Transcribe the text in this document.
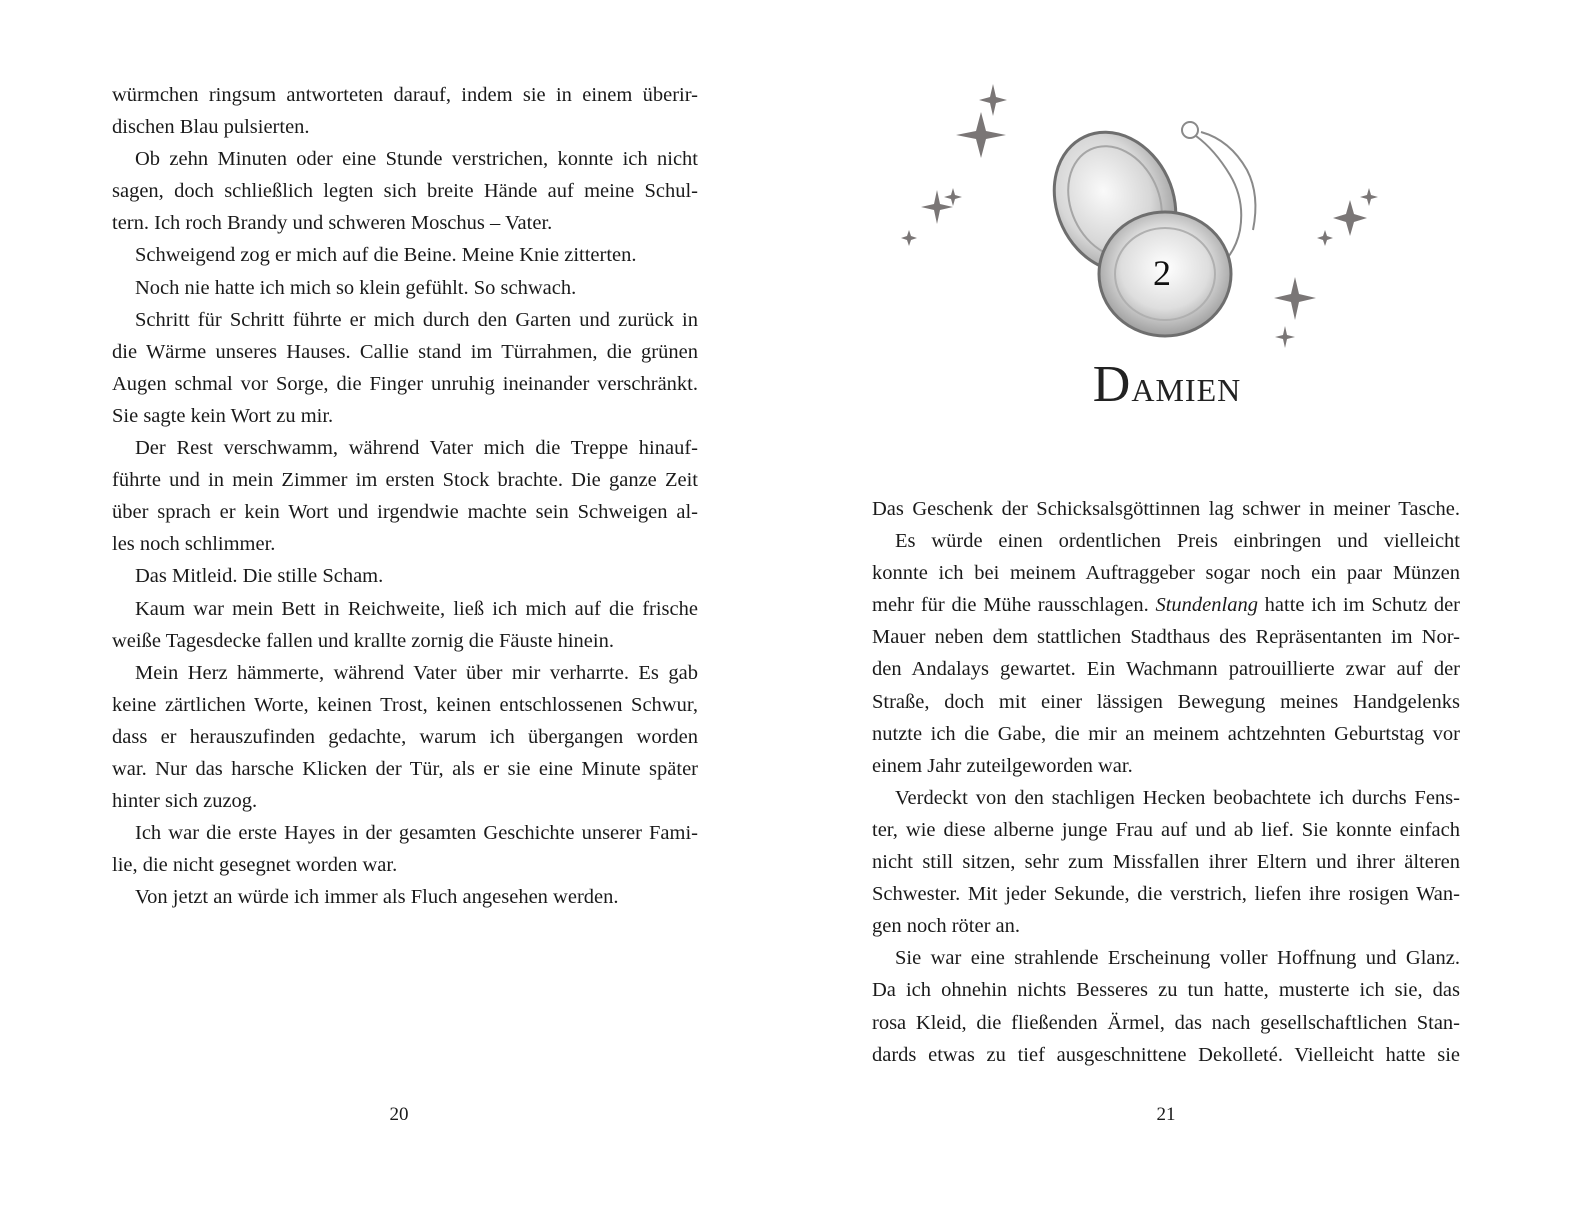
würmchen ringsum antworteten darauf, indem sie in einem überir-
dischen Blau pulsierten.
Ob zehn Minuten oder eine Stunde verstrichen, konnte ich nicht
sagen, doch schließlich legten sich breite Hände auf meine Schul-
tern. Ich roch Brandy und schweren Moschus – Vater.
Schweigend zog er mich auf die Beine. Meine Knie zitterten.
Noch nie hatte ich mich so klein gefühlt. So schwach.
Schritt für Schritt führte er mich durch den Garten und zurück in
die Wärme unseres Hauses. Callie stand im Türrahmen, die grünen
Augen schmal vor Sorge, die Finger unruhig ineinander verschränkt.
Sie sagte kein Wort zu mir.
Der Rest verschwamm, während Vater mich die Treppe hinauf-
führte und in mein Zimmer im ersten Stock brachte. Die ganze Zeit
über sprach er kein Wort und irgendwie machte sein Schweigen al-
les noch schlimmer.
Das Mitleid. Die stille Scham.
Kaum war mein Bett in Reichweite, ließ ich mich auf die frische
weiße Tagesdecke fallen und krallte zornig die Fäuste hinein.
Mein Herz hämmerte, während Vater über mir verharrte. Es gab
keine zärtlichen Worte, keinen Trost, keinen entschlossenen Schwur,
dass er herauszufinden gedachte, warum ich übergangen worden
war. Nur das harsche Klicken der Tür, als er sie eine Minute später
hinter sich zuzog.
Ich war die erste Hayes in der gesamten Geschichte unserer Fami-
lie, die nicht gesegnet worden war.
Von jetzt an würde ich immer als Fluch angesehen werden.
20
2
DAMIEN
Das Geschenk der Schicksalsgöttinnen lag schwer in meiner Tasche.
Es würde einen ordentlichen Preis einbringen und vielleicht
konnte ich bei meinem Auftraggeber sogar noch ein paar Münzen
mehr für die Mühe rausschlagen. Stundenlang hatte ich im Schutz der
Mauer neben dem stattlichen Stadthaus des Repräsentanten im Nor-
den Andalays gewartet. Ein Wachmann patrouillierte zwar auf der
Straße, doch mit einer lässigen Bewegung meines Handgelenks
nutzte ich die Gabe, die mir an meinem achtzehnten Geburtstag vor
einem Jahr zuteilgeworden war.
Verdeckt von den stachligen Hecken beobachtete ich durchs Fens-
ter, wie diese alberne junge Frau auf und ab lief. Sie konnte einfach
nicht still sitzen, sehr zum Missfallen ihrer Eltern und ihrer älteren
Schwester. Mit jeder Sekunde, die verstrich, liefen ihre rosigen Wan-
gen noch röter an.
Sie war eine strahlende Erscheinung voller Hoffnung und Glanz.
Da ich ohnehin nichts Besseres zu tun hatte, musterte ich sie, das
rosa Kleid, die fließenden Ärmel, das nach gesellschaftlichen Stan-
dards etwas zu tief ausgeschnittene Dekolleté. Vielleicht hatte sie
21
